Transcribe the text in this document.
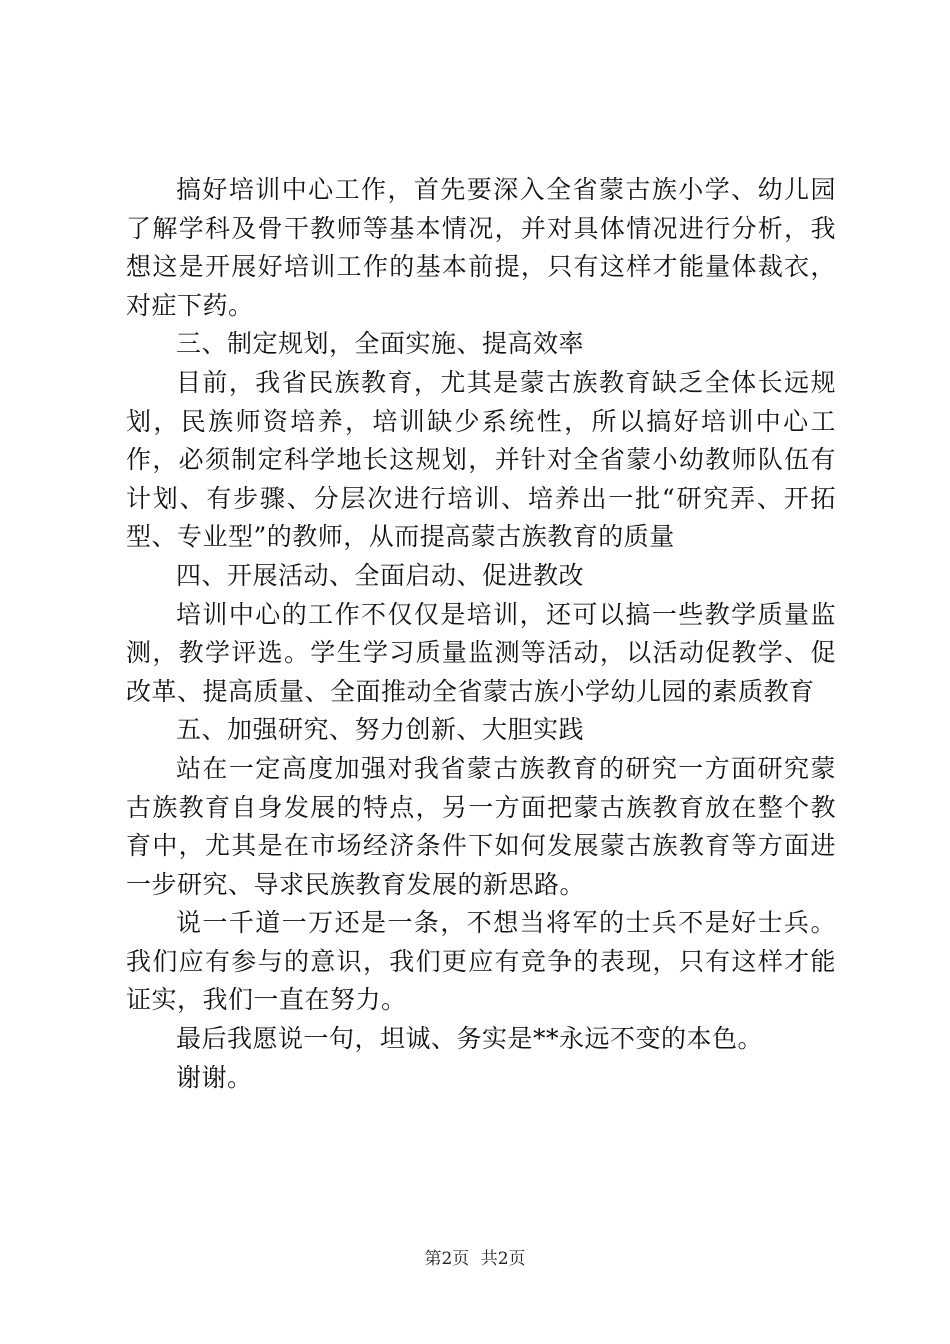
搞好培训中心工作，首先要深入全省蒙古族小学、幼儿园了解学科及骨干教师等基本情况，并对具体情况进行分析，我想这是开展好培训工作的基本前提，只有这样才能量体裁衣，对症下药。

三、制定规划，全面实施、提高效率

目前，我省民族教育，尤其是蒙古族教育缺乏全体长远规划，民族师资培养，培训缺少系统性，所以搞好培训中心工作，必须制定科学地长这规划，并针对全省蒙小幼教师队伍有计划、有步骤、分层次进行培训、培养出一批“研究弄、开拓型、专业型”的教师，从而提高蒙古族教育的质量

四、开展活动、全面启动、促进教改

培训中心的工作不仅仅是培训，还可以搞一些教学质量监测，教学评选。学生学习质量监测等活动，以活动促教学、促改革、提高质量、全面推动全省蒙古族小学幼儿园的素质教育

五、加强研究、努力创新、大胆实践

站在一定高度加强对我省蒙古族教育的研究一方面研究蒙古族教育自身发展的特点，另一方面把蒙古族教育放在整个教育中，尤其是在市场经济条件下如何发展蒙古族教育等方面进一步研究、导求民族教育发展的新思路。

说一千道一万还是一条，不想当将军的士兵不是好士兵。我们应有参与的意识，我们更应有竞争的表现，只有这样才能证实，我们一直在努力。

最后我愿说一句，坦诚、务实是**永远不变的本色。

谢谢。

第2页 共2页
